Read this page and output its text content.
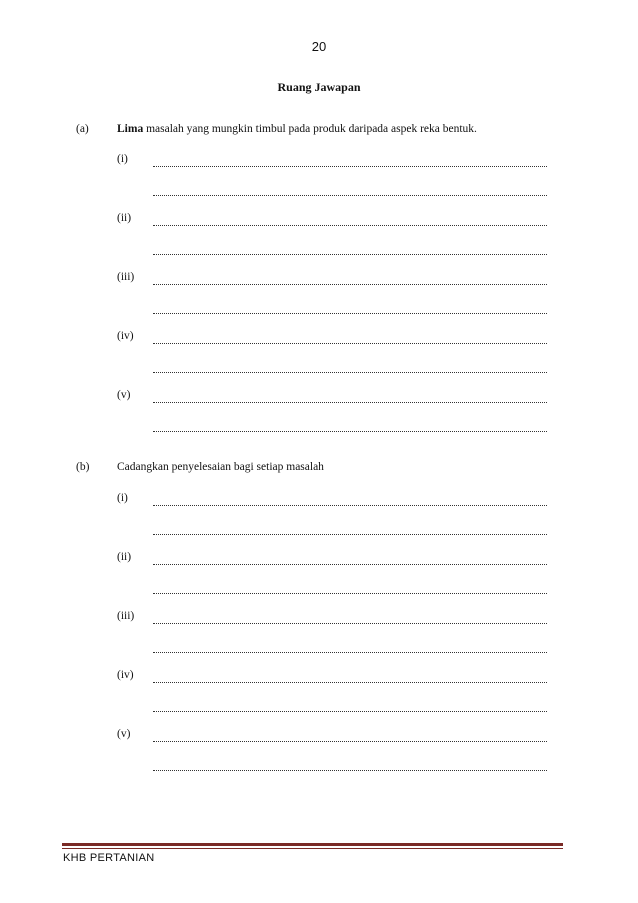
20
Ruang Jawapan
(a) Lima masalah yang mungkin timbul pada produk daripada aspek reka bentuk.
(i)
(ii)
(iii)
(iv)
(v)
(b) Cadangkan penyelesaian bagi setiap masalah
(i)
(ii)
(iii)
(iv)
(v)
KHB PERTANIAN
